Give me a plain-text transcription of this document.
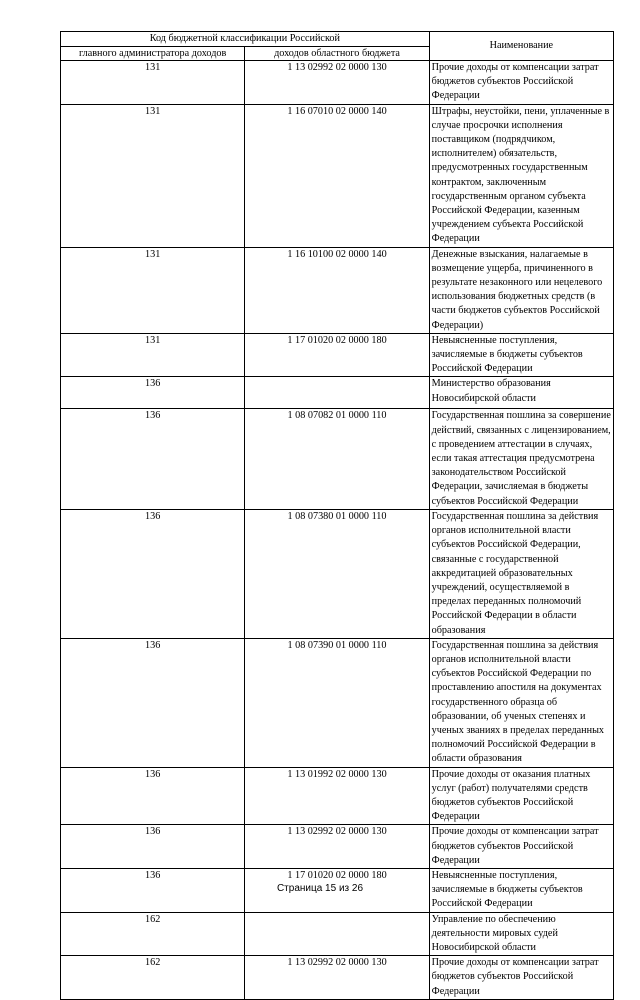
Код бюджетной классификации Российской		Наименование
главного администратора доходов	доходов областного бюджета	
131	1 13 02992 02 0000 130	Прочие доходы от компенсации затрат бюджетов субъектов Российской Федерации
131	1 16 07010 02 0000 140	Штрафы, неустойки, пени, уплаченные в случае просрочки исполнения поставщиком (подрядчиком, исполнителем) обязательств, предусмотренных государственным контрактом, заключенным государственным органом субъекта Российской Федерации, казенным учреждением субъекта Российской Федерации
131	1 16 10100 02 0000 140	Денежные взыскания, налагаемые в возмещение ущерба, причиненного в результате незаконного или нецелевого использования бюджетных средств (в части бюджетов субъектов Российской Федерации)
131	1 17 01020 02 0000 180	Невыясненные поступления, зачисляемые в бюджеты субъектов Российской Федерации
136		Министерство образования Новосибирской области
136	1 08 07082 01 0000 110	Государственная пошлина за совершение действий, связанных с лицензированием, с проведением аттестации в случаях, если такая аттестация предусмотрена законодательством Российской Федерации, зачисляемая в бюджеты субъектов Российской Федерации
136	1 08 07380 01 0000 110	Государственная пошлина за действия органов исполнительной власти субъектов Российской Федерации, связанные с государственной аккредитацией образовательных учреждений, осуществляемой в пределах переданных полномочий Российской Федерации в области образования
136	1 08 07390 01 0000 110	Государственная пошлина за действия органов исполнительной власти субъектов Российской Федерации по проставлению апостиля на документах государственного образца об образовании, об ученых степенях и ученых званиях в пределах переданных полномочий Российской Федерации в области образования
136	1 13 01992 02 0000 130	Прочие доходы от оказания платных услуг (работ) получателями средств бюджетов субъектов Российской Федерации
136	1 13 02992 02 0000 130	Прочие доходы от компенсации затрат бюджетов субъектов Российской Федерации
136	1 17 01020 02 0000 180	Невыясненные поступления, зачисляемые в бюджеты субъектов Российской Федерации
162		Управление по обеспечению деятельности мировых судей Новосибирской области
162	1 13 02992 02 0000 130	Прочие доходы от компенсации затрат бюджетов субъектов Российской Федерации
Страница 15 из 26
